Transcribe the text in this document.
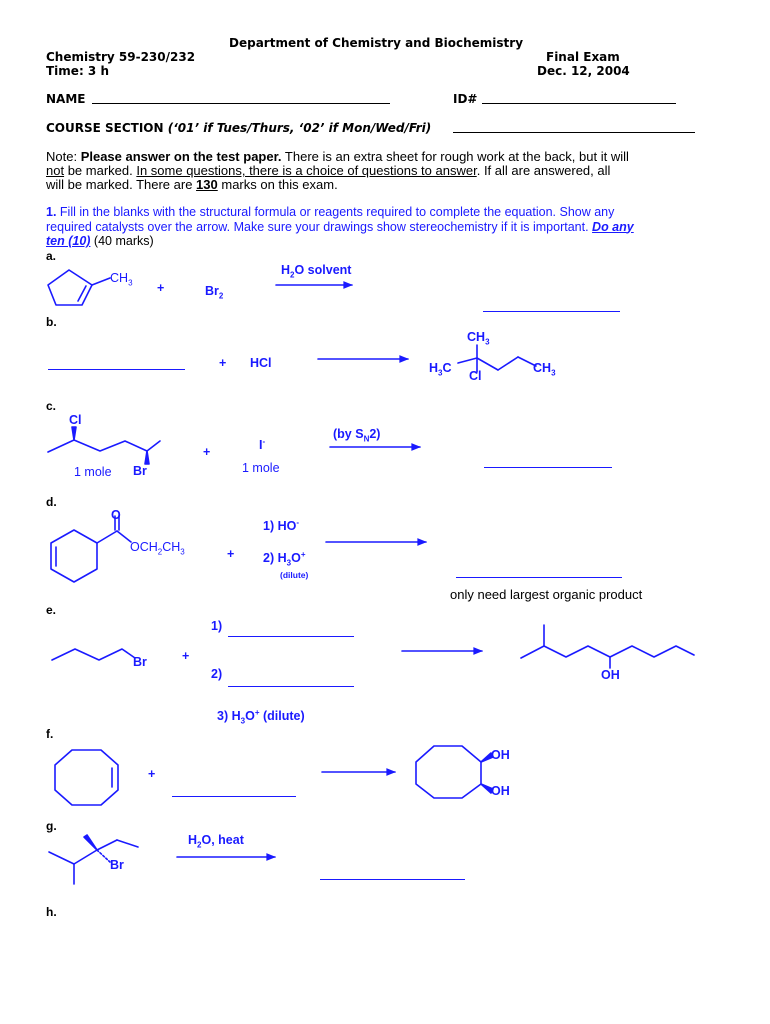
Department of Chemistry and Biochemistry
Chemistry 59-230/232	Final Exam
Time: 3 h	Dec. 12, 2004
NAME	ID#
COURSE SECTION (‘01’ if Tues/Thurs, ‘02’ if Mon/Wed/Fri)
Note: Please answer on the test paper. There is an extra sheet for rough work at the back, but it will
not be marked. In some questions, there is a choice of questions to answer. If all are answered, all
will be marked. There are 130 marks on this exam.
1. Fill in the blanks with the structural formula or reagents required to complete the equation. Show any
required catalysts over the arrow. Make sure your drawings show stereochemistry if it is important. Do any
ten (10) (40 marks)
a.
b.
c.
d.
e.
f.
g.
h.
$CH_3$ +	$Br_2$
$H_2O$ solvent
+ HCl
$CH_3$
$H_3C$	$CH_3$
Cl
Cl
Br
1 mole
+	I-
1 mole
(by $S_N2$)
O
$OCH_2CH_3$	+
1) HO-
2) $H_3O^+$
(dilute)
only need largest organic product
Br	+
1)
2)
3) $H_3O^+$ (dilute)
OH
+
OH
OH
Br
$H_2O$, heat
